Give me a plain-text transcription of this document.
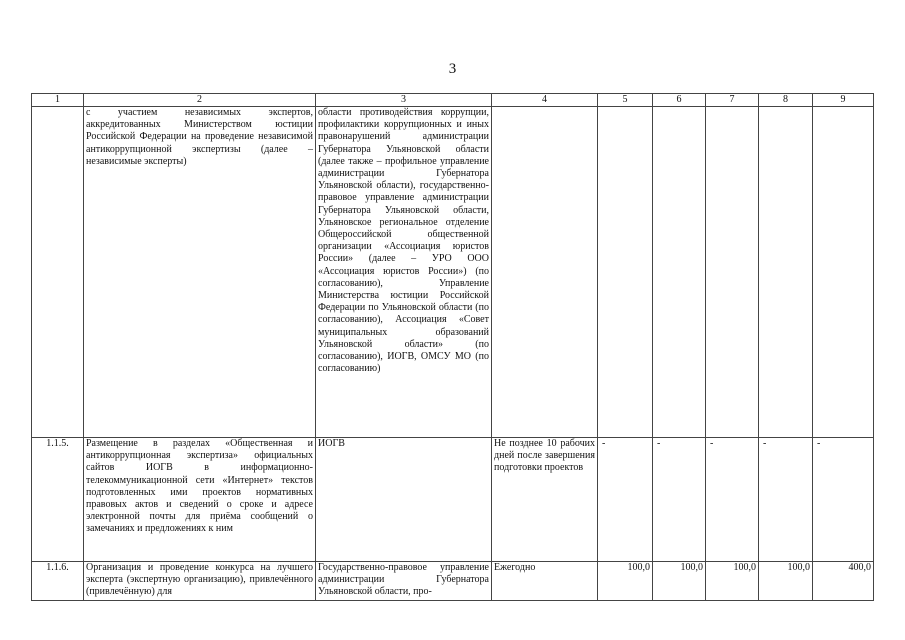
3
1	2	3	4	5	6	7	8	9
	с участием независимых экспертов, аккредитованных Министерством юстиции Российской Федерации на проведение независимой антикоррупционной экспертизы (далее – независимые эксперты)	области противодействия коррупции, профилактики коррупционных и иных правонарушений администрации Губернатора Ульяновской области (далее также – профильное управление администрации Губернатора Ульяновской области), государственно-правовое управление администрации Губернатора Ульяновской области, Ульяновское региональное отделение Общероссийской общественной организации «Ассоциация юристов России» (далее – УРО ООО «Ассоциация юристов России») (по согласованию), Управление Министерства юстиции Российской Федерации по Ульяновской области (по согласованию), Ассоциация «Совет муниципальных образований Ульяновской области» (по согласованию), ИОГВ, ОМСУ МО (по согласованию)						
1.1.5.	Размещение в разделах «Общественная и антикоррупционная экспертиза» официальных сайтов ИОГВ в информационно-телекоммуникационной сети «Интернет» текстов подготовленных ими проектов нормативных правовых актов и сведений о сроке и адресе электронной почты для приёма сообщений о замечаниях и предложениях к ним	ИОГВ	Не позднее 10 рабочих дней после завершения подготовки проектов	-	-	-	-	-
1.1.6.	Организация и проведение конкурса на лучшего эксперта (экспертную организацию), привлечённого (привлечённую) для	Государственно-правовое управление администрации Губернатора Ульяновской области, про-	Ежегодно	100,0	100,0	100,0	100,0	400,0
